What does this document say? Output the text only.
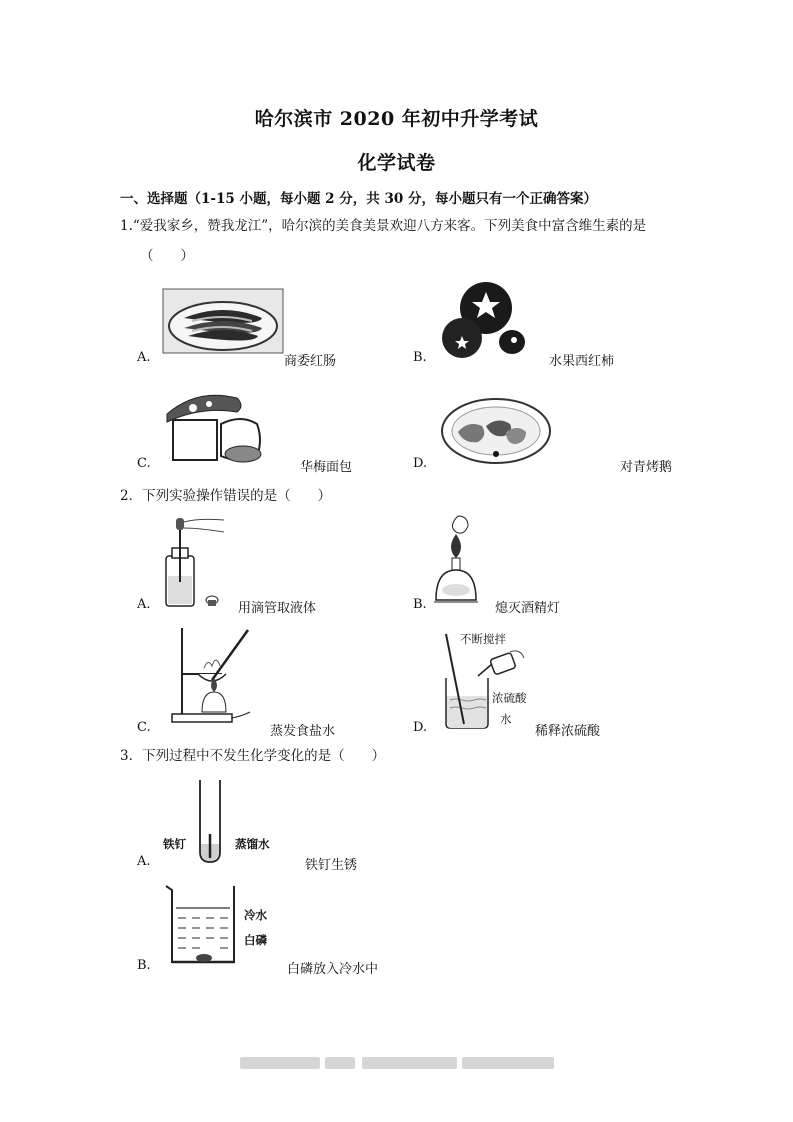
哈尔滨市 2020 年初中升学考试
化学试卷
一、选择题（1-15 小题，每小题 2 分，共 30 分，每小题只有一个正确答案）
1.“爱我家乡，赞我龙江”，哈尔滨的美食美景欢迎八方来客。下列美食中富含维生素的是
（　　）
A.	商委红肠	B.	水果西红柿
C.	华梅面包	D.	对青烤鹅
2．下列实验操作错误的是（　　）
A.	用滴管取液体	B.	熄灭酒精灯
C.	蒸发食盐水
不断搅拌
浓硫酸
水
D.	稀释浓硫酸
3．下列过程中不发生化学变化的是（　　）
铁钉	蒸馏水
A.	铁钉生锈
冷水
白磷
B.	白磷放入冷水中
